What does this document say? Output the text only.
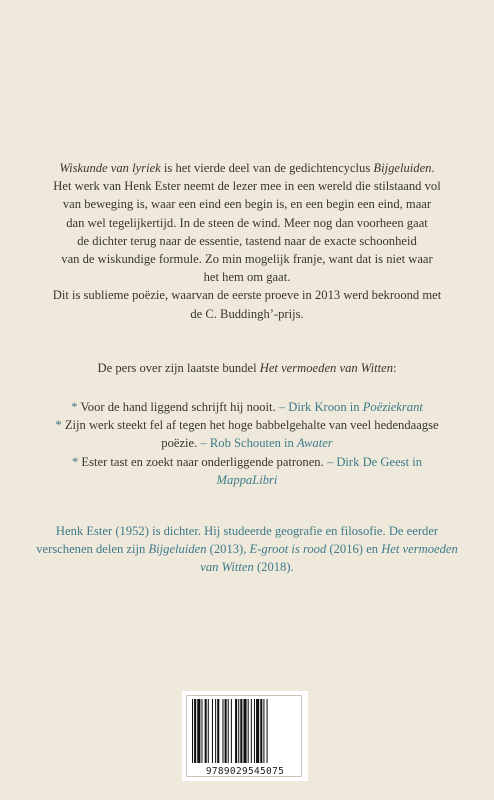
Wiskunde van lyriek is het vierde deel van de gedichtencyclus Bijgeluiden.
Het werk van Henk Ester neemt de lezer mee in een wereld die stilstaand vol
van beweging is, waar een eind een begin is, en een begin een eind, maar
dan wel tegelijkertijd. In de steen de wind. Meer nog dan voorheen gaat
de dichter terug naar de essentie, tastend naar de exacte schoonheid
van de wiskundige formule. Zo min mogelijk franje, want dat is niet waar
het hem om gaat.
Dit is sublieme poëzie, waarvan de eerste proeve in 2013 werd bekroond met
de C. Buddingh’-prijs.
De pers over zijn laatste bundel Het vermoeden van Witten:
* Voor de hand liggend schrijft hij nooit. – Dirk Kroon in Poëziekrant
* Zijn werk steekt fel af tegen het hoge babbelgehalte van veel hedendaagse
poëzie. – Rob Schouten in Awater
* Ester tast en zoekt naar onderliggende patronen. – Dirk De Geest in
MappaLibri
Henk Ester (1952) is dichter. Hij studeerde geografie en filosofie. De eerder
verschenen delen zijn Bijgeluiden (2013), E-groot is rood (2016) en Het vermoeden
van Witten (2018).
9789029545075
